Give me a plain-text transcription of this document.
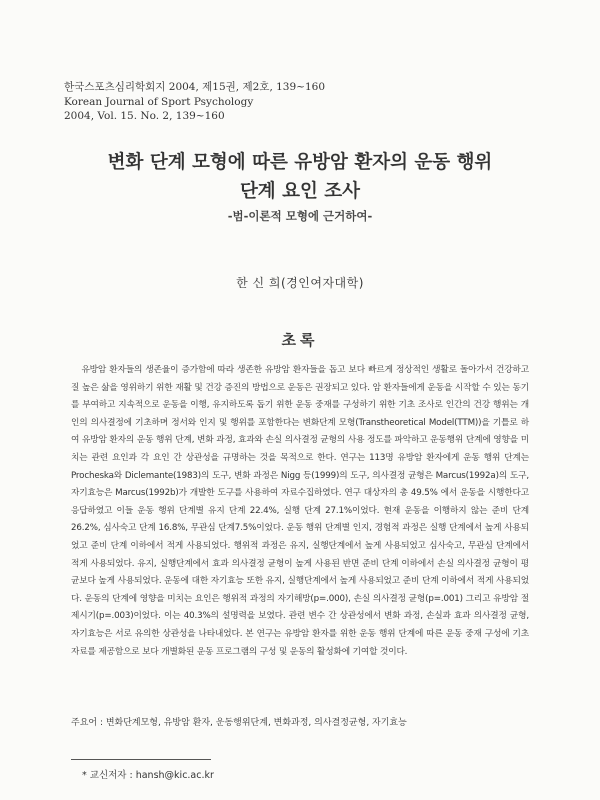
한국스포츠심리학회지 2004, 제15권, 제2호, 139~160
Korean Journal of Sport Psychology
2004, Vol. 15. No. 2, 139~160
변화 단계 모형에 따른 유방암 환자의 운동 행위
단계 요인 조사
-범-이론적 모형에 근거하여-
한 신 희(경인여자대학)
초록
유방암 환자들의 생존율이 증가함에 따라 생존한 유방암 환자들을 돕고 보다 빠르게 정상적인 생활로 돌아가서 건강하고 질 높은 삶을 영위하기 위한 재활 및 건강 증진의 방법으로 운동은 권장되고 있다. 암 환자들에게 운동을 시작할 수 있는 동기를 부여하고 지속적으로 운동을 이행, 유지하도록 돕기 위한 운동 중재를 구성하기 위한 기초 조사로 인간의 건강 행위는 개인의 의사결정에 기초하며 정서와 인지 및 행위를 포함한다는 변화단계 모형(Transtheoretical Model(TTM))을 기틀로 하여 유방암 환자의 운동 행위 단계, 변화 과정, 효과와 손실 의사결정 균형의 사용 정도를 파악하고 운동행위 단계에 영향을 미치는 관련 요인과 각 요인 간 상관성을 규명하는 것을 목적으로 한다. 연구는 113명 유방암 환자에게 운동 행위 단계는 Procheska와 Diclemante(1983)의 도구, 변화 과정은 Nigg 등(1999)의 도구, 의사결정 균형은 Marcus(1992a)의 도구, 자기효능은 Marcus(1992b)가 개발한 도구를 사용하여 자료수집하였다. 연구 대상자의 총 49.5% 에서 운동을 시행한다고 응답하였고 이들 운동 행위 단계별 유지 단계 22.4%, 실행 단계 27.1%이었다. 현재 운동을 이행하지 않는 준비 단계 26.2%, 심사숙고 단계 16.8%, 무관심 단계7.5%이었다. 운동 행위 단계별 인지, 경험적 과정은 실행 단계에서 높게 사용되었고 준비 단계 이하에서 적게 사용되었다. 행위적 과정은 유지, 실행단계에서 높게 사용되었고 심사숙고, 무관심 단계에서 적게 사용되었다. 유지, 실행단계에서 효과 의사결정 균형이 높게 사용된 반면 준비 단계 이하에서 손실 의사결정 균형이 평균보다 높게 사용되었다. 운동에 대한 자기효능 또한 유지, 실행단계에서 높게 사용되었고 준비 단계 이하에서 적게 사용되었다. 운동의 단계에 영향을 미치는 요인은 행위적 과정의 자기해방(p=.000), 손실 의사결정 균형(p=.001) 그리고 유방암 절제시기(p=.003)이었다. 이는 40.3%의 설명력을 보였다. 관련 변수 간 상관성에서 변화 과정, 손실과 효과 의사결정 균형, 자기효능은 서로 유의한 상관성을 나타내었다. 본 연구는 유방암 환자를 위한 운동 행위 단계에 따른 운동 중재 구성에 기초 자료를 제공함으로 보다 개별화된 운동 프로그램의 구성 및 운동의 활성화에 기여할 것이다.
주요어 : 변화단계모형, 유방암 환자, 운동행위단계, 변화과정, 의사결정균형, 자기효능
* 교신저자 : hansh@kic.ac.kr
